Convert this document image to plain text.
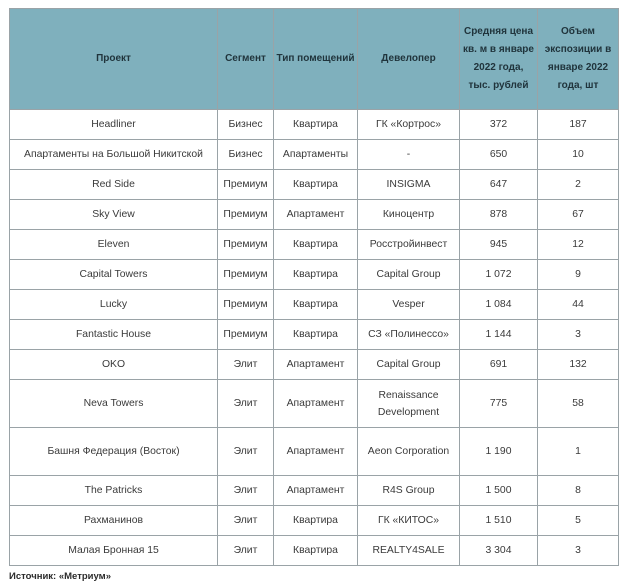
Проект	Сегмент	Тип помещений	Девелопер	Средняя цена кв. м в январе 2022 года, тыс. рублей	Объем экспозиции в январе 2022 года, шт
Headliner	Бизнес	Квартира	ГК «Кортрос»	372	187
Апартаменты на Большой Никитской	Бизнес	Апартаменты	-	650	10
Red Side	Премиум	Квартира	INSIGMA	647	2
Sky View	Премиум	Апартамент	Киноцентр	878	67
Eleven	Премиум	Квартира	Росстройинвест	945	12
Capital Towers	Премиум	Квартира	Capital Group	1 072	9
Lucky	Премиум	Квартира	Vesper	1 084	44
Fantastic House	Премиум	Квартира	СЗ «Полинессо»	1 144	3
OKO	Элит	Апартамент	Capital Group	691	132
Neva Towers	Элит	Апартамент	Renaissance Development	775	58
Башня Федерация (Восток)	Элит	Апартамент	Aeon Corporation	1 190	1
The Patricks	Элит	Апартамент	R4S Group	1 500	8
Рахманинов	Элит	Квартира	ГК «КИТОС»	1 510	5
Малая Бронная 15	Элит	Квартира	REALTY4SALE	3 304	3
Источник: «Метриум»
